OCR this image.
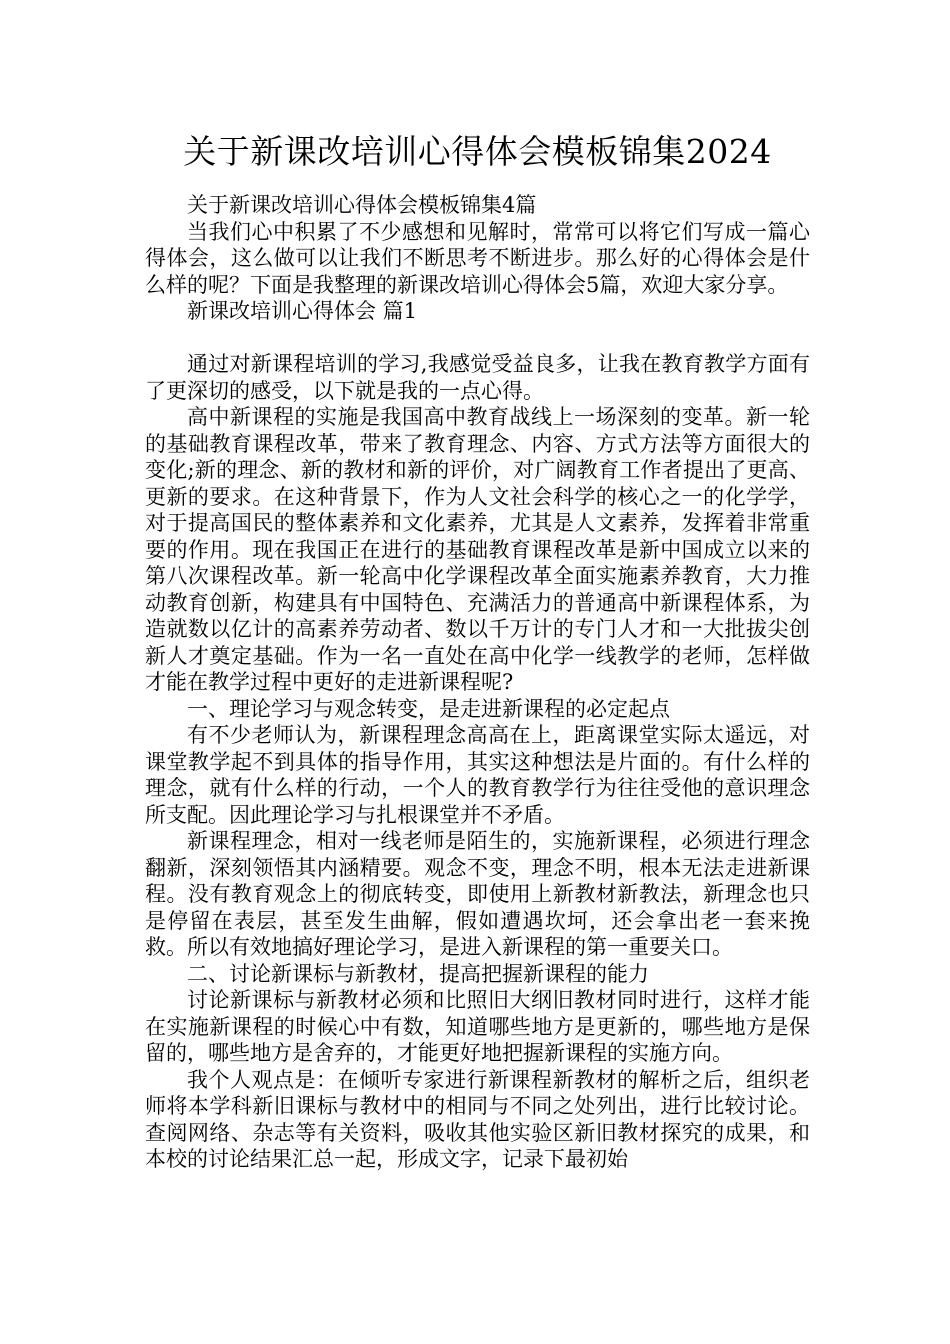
关于新课改培训心得体会模板锦集2024

关于新课改培训心得体会模板锦集4篇

当我们心中积累了不少感想和见解时，常常可以将它们写成一篇心得体会，这么做可以让我们不断思考不断进步。那么好的心得体会是什么样的呢？下面是我整理的新课改培训心得体会5篇，欢迎大家分享。

新课改培训心得体会 篇1

通过对新课程培训的学习,我感觉受益良多，让我在教育教学方面有了更深切的感受，以下就是我的一点心得。

高中新课程的实施是我国高中教育战线上一场深刻的变革。新一轮的基础教育课程改革，带来了教育理念、内容、方式方法等方面很大的变化;新的理念、新的教材和新的评价，对广阔教育工作者提出了更高、更新的要求。在这种背景下，作为人文社会科学的核心之一的化学学，对于提高国民的整体素养和文化素养，尤其是人文素养，发挥着非常重要的作用。现在我国正在进行的基础教育课程改革是新中国成立以来的第八次课程改革。新一轮高中化学课程改革全面实施素养教育，大力推动教育创新，构建具有中国特色、充满活力的普通高中新课程体系，为造就数以亿计的高素养劳动者、数以千万计的专门人才和一大批拔尖创新人才奠定基础。作为一名一直处在高中化学一线教学的老师，怎样做才能在教学过程中更好的走进新课程呢?

一、理论学习与观念转变，是走进新课程的必定起点

有不少老师认为，新课程理念高高在上，距离课堂实际太遥远，对课堂教学起不到具体的指导作用，其实这种想法是片面的。有什么样的理念，就有什么样的行动，一个人的教育教学行为往往受他的意识理念所支配。因此理论学习与扎根课堂并不矛盾。

新课程理念，相对一线老师是陌生的，实施新课程，必须进行理念翻新，深刻领悟其内涵精要。观念不变，理念不明，根本无法走进新课程。没有教育观念上的彻底转变，即使用上新教材新教法，新理念也只是停留在表层，甚至发生曲解，假如遭遇坎坷，还会拿出老一套来挽救。所以有效地搞好理论学习，是进入新课程的第一重要关口。

二、讨论新课标与新教材，提高把握新课程的能力

讨论新课标与新教材必须和比照旧大纲旧教材同时进行，这样才能在实施新课程的时候心中有数，知道哪些地方是更新的，哪些地方是保留的，哪些地方是舍弃的，才能更好地把握新课程的实施方向。

我个人观点是：在倾听专家进行新课程新教材的解析之后，组织老师将本学科新旧课标与教材中的相同与不同之处列出，进行比较讨论。查阅网络、杂志等有关资料，吸收其他实验区新旧教材探究的成果，和本校的讨论结果汇总一起，形成文字，记录下最初始
